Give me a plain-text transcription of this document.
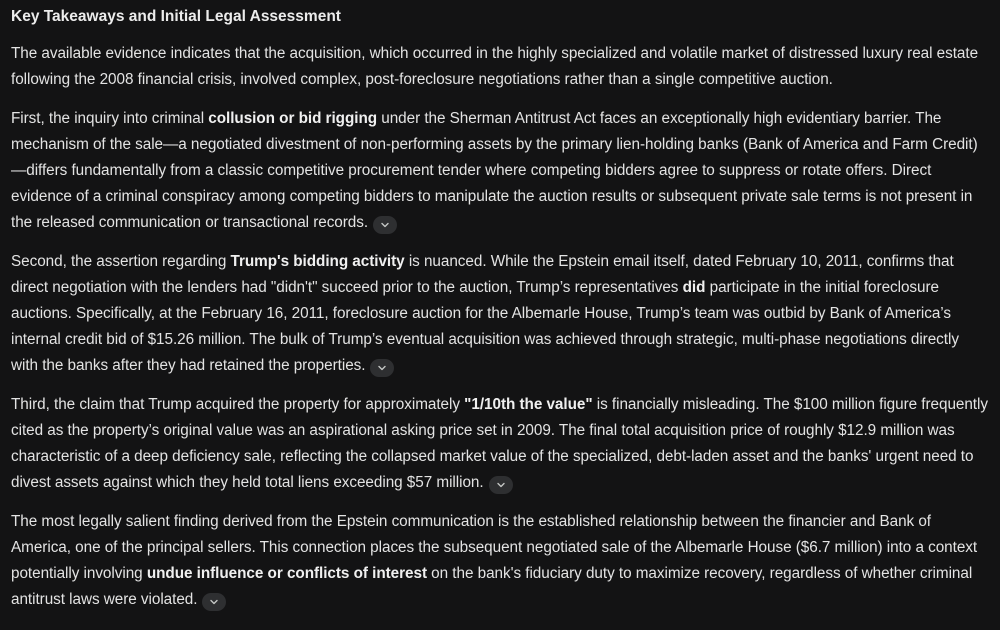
Key Takeaways and Initial Legal Assessment

The available evidence indicates that the acquisition, which occurred in the highly specialized and volatile market of distressed luxury real estate following the 2008 financial crisis, involved complex, post-foreclosure negotiations rather than a single competitive auction.

First, the inquiry into criminal collusion or bid rigging under the Sherman Antitrust Act faces an exceptionally high evidentiary barrier. The mechanism of the sale—a negotiated divestment of non-performing assets by the primary lien-holding banks (Bank of America and Farm Credit)—differs fundamentally from a classic competitive procurement tender where competing bidders agree to suppress or rotate offers. Direct evidence of a criminal conspiracy among competing bidders to manipulate the auction results or subsequent private sale terms is not present in the released communication or transactional records.

Second, the assertion regarding Trump's bidding activity is nuanced. While the Epstein email itself, dated February 10, 2011, confirms that direct negotiation with the lenders had "didn't" succeed prior to the auction, Trump’s representatives did participate in the initial foreclosure auctions. Specifically, at the February 16, 2011, foreclosure auction for the Albemarle House, Trump’s team was outbid by Bank of America’s internal credit bid of $15.26 million. The bulk of Trump’s eventual acquisition was achieved through strategic, multi-phase negotiations directly with the banks after they had retained the properties.

Third, the claim that Trump acquired the property for approximately "1/10th the value" is financially misleading. The $100 million figure frequently cited as the property’s original value was an aspirational asking price set in 2009. The final total acquisition price of roughly $12.9 million was characteristic of a deep deficiency sale, reflecting the collapsed market value of the specialized, debt-laden asset and the banks' urgent need to divest assets against which they held total liens exceeding $57 million.

The most legally salient finding derived from the Epstein communication is the established relationship between the financier and Bank of America, one of the principal sellers. This connection places the subsequent negotiated sale of the Albemarle House ($6.7 million) into a context potentially involving undue influence or conflicts of interest on the bank's fiduciary duty to maximize recovery, regardless of whether criminal antitrust laws were violated.
